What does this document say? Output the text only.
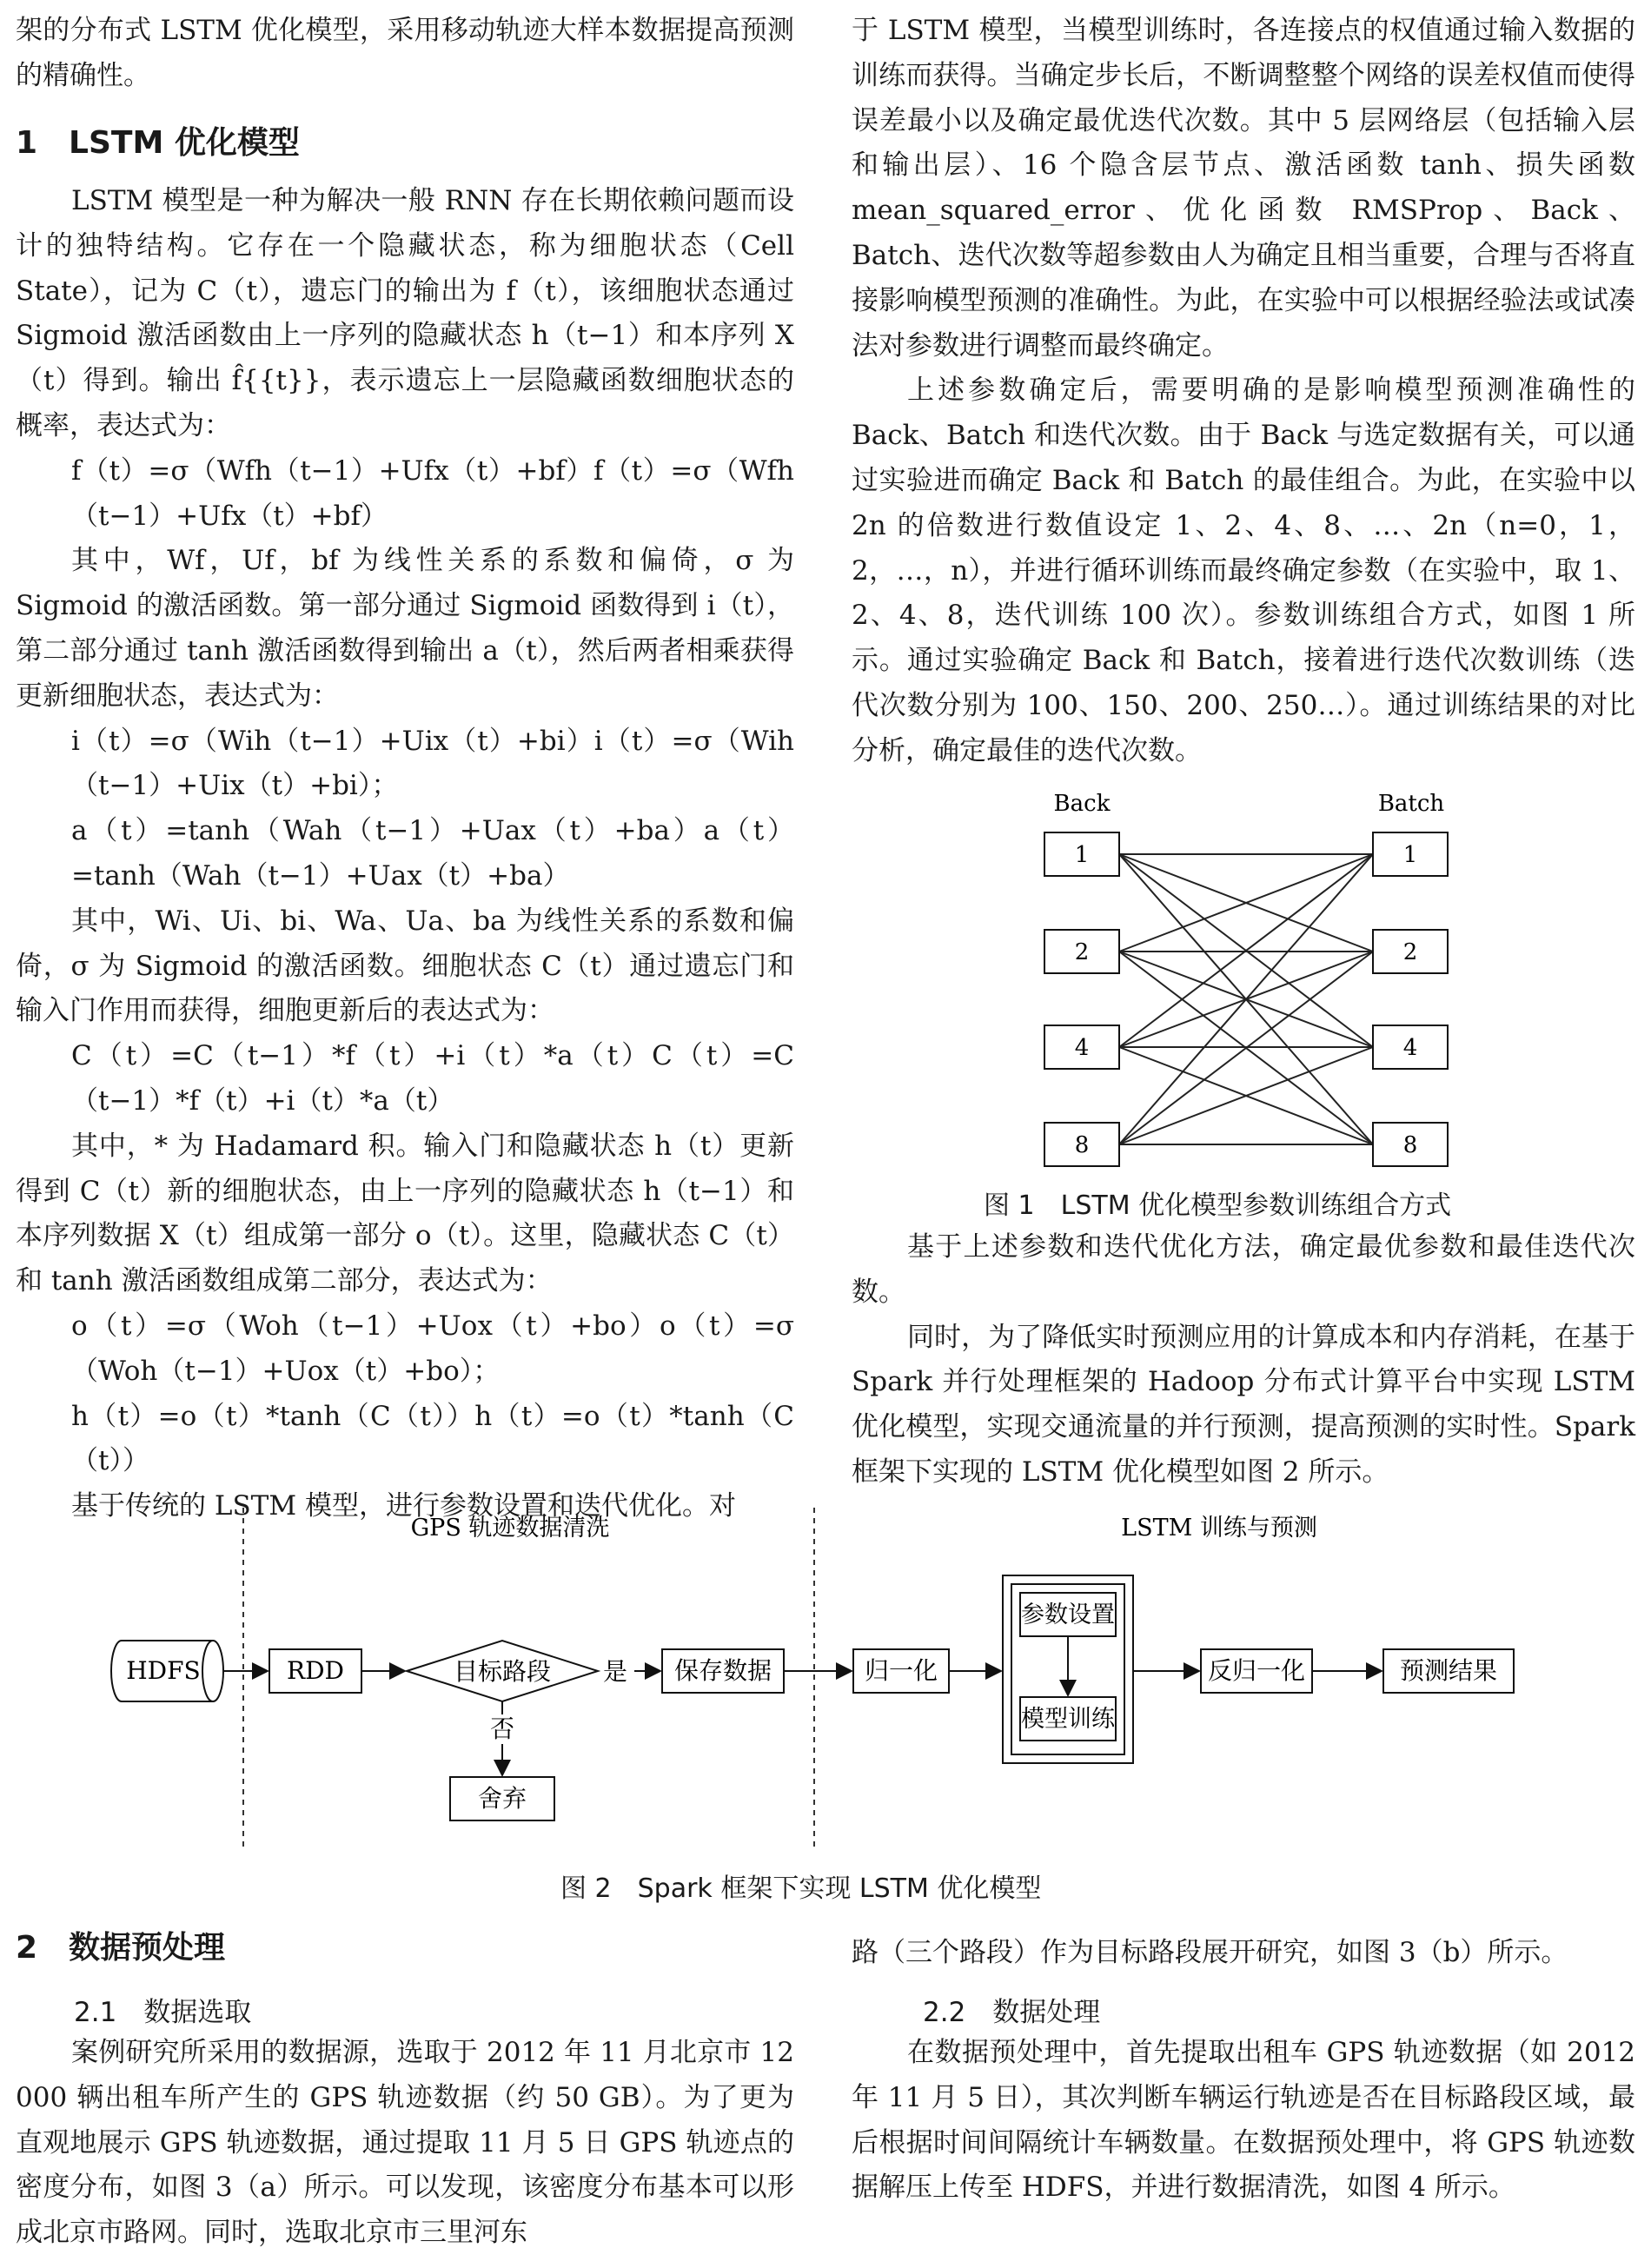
架的分布式 LSTM 优化模型，采用移动轨迹大样本数据提高预测的精确性。

1　LSTM 优化模型

LSTM 模型是一种为解决一般 RNN 存在长期依赖问题而设计的独特结构。它存在一个隐藏状态，称为细胞状态（Cell State），记为 C（t），遗忘门的输出为 f（t），该细胞状态通过 Sigmoid 激活函数由上一序列的隐藏状态 h（t−1）和本序列 X（t）得到。输出 f̂{{t}}，表示遗忘上一层隐藏函数细胞状态的概率，表达式为：

f（t）=σ（Wfh（t−1）+Ufx（t）+bf）f（t）=σ（Wfh（t−1）+Ufx（t）+bf）

其中，Wf，Uf，bf 为线性关系的系数和偏倚，σ 为 Sigmoid 的激活函数。第一部分通过 Sigmoid 函数得到 i（t），第二部分通过 tanh 激活函数得到输出 a（t），然后两者相乘获得更新细胞状态，表达式为：

i（t）=σ（Wih（t−1）+Uix（t）+bi）i（t）=σ（Wih（t−1）+Uix（t）+bi）；

a（t）=tanh（Wah（t−1）+Uax（t）+ba）a（t）=tanh（Wah（t−1）+Uax（t）+ba）

其中，Wi、Ui、bi、Wa、Ua、ba 为线性关系的系数和偏倚，σ 为 Sigmoid 的激活函数。细胞状态 C（t）通过遗忘门和输入门作用而获得，细胞更新后的表达式为：

C（t）=C（t−1）*f（t）+i（t）*a（t）C（t）=C（t−1）*f（t）+i（t）*a（t）

其中，* 为 Hadamard 积。输入门和隐藏状态 h（t）更新得到 C（t）新的细胞状态，由上一序列的隐藏状态 h（t−1）和本序列数据 X（t）组成第一部分 o（t）。这里，隐藏状态 C（t）和 tanh 激活函数组成第二部分，表达式为：

o（t）=σ（Woh（t−1）+Uox（t）+bo）o（t）=σ（Woh（t−1）+Uox（t）+bo）；

h（t）=o（t）*tanh（C（t））h（t）=o（t）*tanh（C（t））

基于传统的 LSTM 模型，进行参数设置和迭代优化。对

于 LSTM 模型，当模型训练时，各连接点的权值通过输入数据的训练而获得。当确定步长后，不断调整整个网络的误差权值而使得误差最小以及确定最优迭代次数。其中 5 层网络层（包括输入层和输出层）、16 个隐含层节点、激活函数 tanh、损失函数 mean_squared_error、优化函数 RMSProp、Back、Batch、迭代次数等超参数由人为确定且相当重要，合理与否将直接影响模型预测的准确性。为此，在实验中可以根据经验法或试凑法对参数进行调整而最终确定。

上述参数确定后，需要明确的是影响模型预测准确性的 Back、Batch 和迭代次数。由于 Back 与选定数据有关，可以通过实验进而确定 Back 和 Batch 的最佳组合。为此，在实验中以 2n 的倍数进行数值设定 1、2、4、8、…、2n（n=0，1，2，…，n），并进行循环训练而最终确定参数（在实验中，取 1、2、4、8，迭代训练 100 次）。参数训练组合方式，如图 1 所示。通过实验确定 Back 和 Batch，接着进行迭代次数训练（迭代次数分别为 100、150、200、250…）。通过训练结果的对比分析，确定最佳的迭代次数。

Back	Batch
1
2
4
8
1
2
4
8
图 1　LSTM 优化模型参数训练组合方式

基于上述参数和迭代优化方法，确定最优参数和最佳迭代次数。

同时，为了降低实时预测应用的计算成本和内存消耗，在基于 Spark 并行处理框架的 Hadoop 分布式计算平台中实现 LSTM 优化模型，实现交通流量的并行预测，提高预测的实时性。Spark 框架下实现的 LSTM 优化模型如图 2 所示。

GPS 轨迹数据清洗	LSTM 训练与预测
HDFS	RDD	目标路段 是
否
舍弃
保存数据	归一化
参数设置
模型训练
反归一化	预测结果
图 2　Spark 框架下实现 LSTM 优化模型
2　数据预处理
2.1　数据选取

案例研究所采用的数据源，选取于 2012 年 11 月北京市 12 000 辆出租车所产生的 GPS 轨迹数据（约 50 GB）。为了更为直观地展示 GPS 轨迹数据，通过提取 11 月 5 日 GPS 轨迹点的密度分布，如图 3（a）所示。可以发现，该密度分布基本可以形成北京市路网。同时，选取北京市三里河东

路（三个路段）作为目标路段展开研究，如图 3（b）所示。

2.2　数据处理

在数据预处理中，首先提取出租车 GPS 轨迹数据（如 2012 年 11 月 5 日），其次判断车辆运行轨迹是否在目标路段区域，最后根据时间间隔统计车辆数量。在数据预处理中，将 GPS 轨迹数据解压上传至 HDFS，并进行数据清洗，如图 4 所示。
